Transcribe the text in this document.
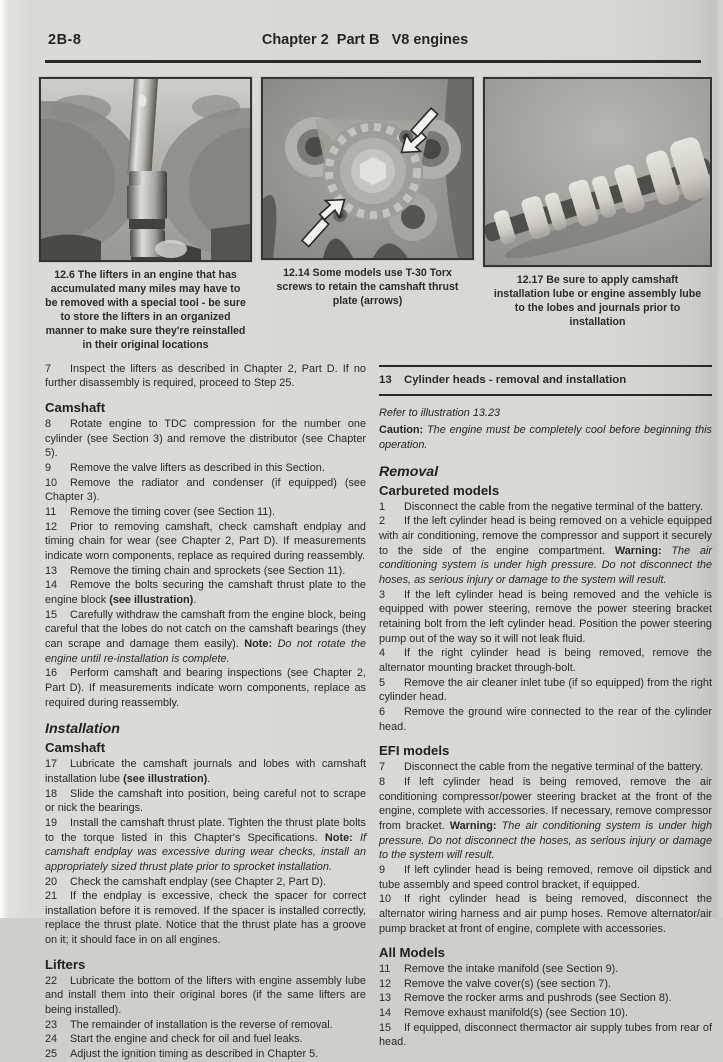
2B-8	Chapter 2  Part B   V8 engines
12.6 The lifters in an engine that has accumulated many miles may have to be removed with a special tool - be sure to store the lifters in an organized manner to make sure they're reinstalled in their original locations
12.14 Some models use T-30 Torx screws to retain the camshaft thrust plate (arrows)
12.17 Be sure to apply camshaft installation lube or engine assembly lube to the lobes and journals prior to installation

7 Inspect the lifters as described in Chapter 2, Part D. If no further disassembly is required, proceed to Step 25.

Camshaft

8 Rotate engine to TDC compression for the number one cylinder (see Section 3) and remove the distributor (see Chapter 5).

9 Remove the valve lifters as described in this Section.

10 Remove the radiator and condenser (if equipped) (see Chapter 3).

11 Remove the timing cover (see Section 11).

12 Prior to removing camshaft, check camshaft endplay and timing chain for wear (see Chapter 2, Part D). If measurements indicate worn components, replace as required during reassembly.

13 Remove the timing chain and sprockets (see Section 11).

14 Remove the bolts securing the camshaft thrust plate to the engine block (see illustration).

15 Carefully withdraw the camshaft from the engine block, being careful that the lobes do not catch on the camshaft bearings (they can scrape and damage them easily). Note: Do not rotate the engine until re-installation is complete.

16 Perform camshaft and bearing inspections (see Chapter 2, Part D). If measurements indicate worn components, replace as required during reassembly.

Installation
Camshaft

17 Lubricate the camshaft journals and lobes with camshaft installation lube (see illustration).

18 Slide the camshaft into position, being careful not to scrape or nick the bearings.

19 Install the camshaft thrust plate. Tighten the thrust plate bolts to the torque listed in this Chapter's Specifications. Note: If camshaft endplay was excessive during wear checks, install an appropriately sized thrust plate prior to sprocket installation.

20 Check the camshaft endplay (see Chapter 2, Part D).

21 If the endplay is excessive, check the spacer for correct installation before it is removed. If the spacer is installed correctly, replace the thrust plate. Notice that the thrust plate has a groove on it; it should face in on all engines.

Lifters

22 Lubricate the bottom of the lifters with engine assembly lube and install them into their original bores (if the same lifters are being installed).

23 The remainder of installation is the reverse of removal.

24 Start the engine and check for oil and fuel leaks.

25 Adjust the ignition timing as described in Chapter 5.

13 Cylinder heads - removal and installation

Refer to illustration 13.23

Caution: The engine must be completely cool before beginning this operation.

Removal
Carbureted models

1 Disconnect the cable from the negative terminal of the battery.

2 If the left cylinder head is being removed on a vehicle equipped with air conditioning, remove the compressor and support it securely to the side of the engine compartment. Warning: The air conditioning system is under high pressure. Do not disconnect the hoses, as serious injury or damage to the system will result.

3 If the left cylinder head is being removed and the vehicle is equipped with power steering, remove the power steering bracket retaining bolt from the left cylinder head. Position the power steering pump out of the way so it will not leak fluid.

4 If the right cylinder head is being removed, remove the alternator mounting bracket through-bolt.

5 Remove the air cleaner inlet tube (if so equipped) from the right cylinder head.

6 Remove the ground wire connected to the rear of the cylinder head.

EFI models

7 Disconnect the cable from the negative terminal of the battery.

8 If left cylinder head is being removed, remove the air conditioning compressor/power steering bracket at the front of the engine, complete with accessories. If necessary, remove compressor from bracket. Warning: The air conditioning system is under high pressure. Do not disconnect the hoses, as serious injury or damage to the system will result.

9 If left cylinder head is being removed, remove oil dipstick and tube assembly and speed control bracket, if equipped.

10 If right cylinder head is being removed, disconnect the alternator wiring harness and air pump hoses. Remove alternator/air pump bracket at front of engine, complete with accessories.

All Models

11 Remove the intake manifold (see Section 9).

12 Remove the valve cover(s) (see section 7).

13 Remove the rocker arms and pushrods (see Section 8).

14 Remove exhaust manifold(s) (see Section 10).

15 If equipped, disconnect thermactor air supply tubes from rear of head.
